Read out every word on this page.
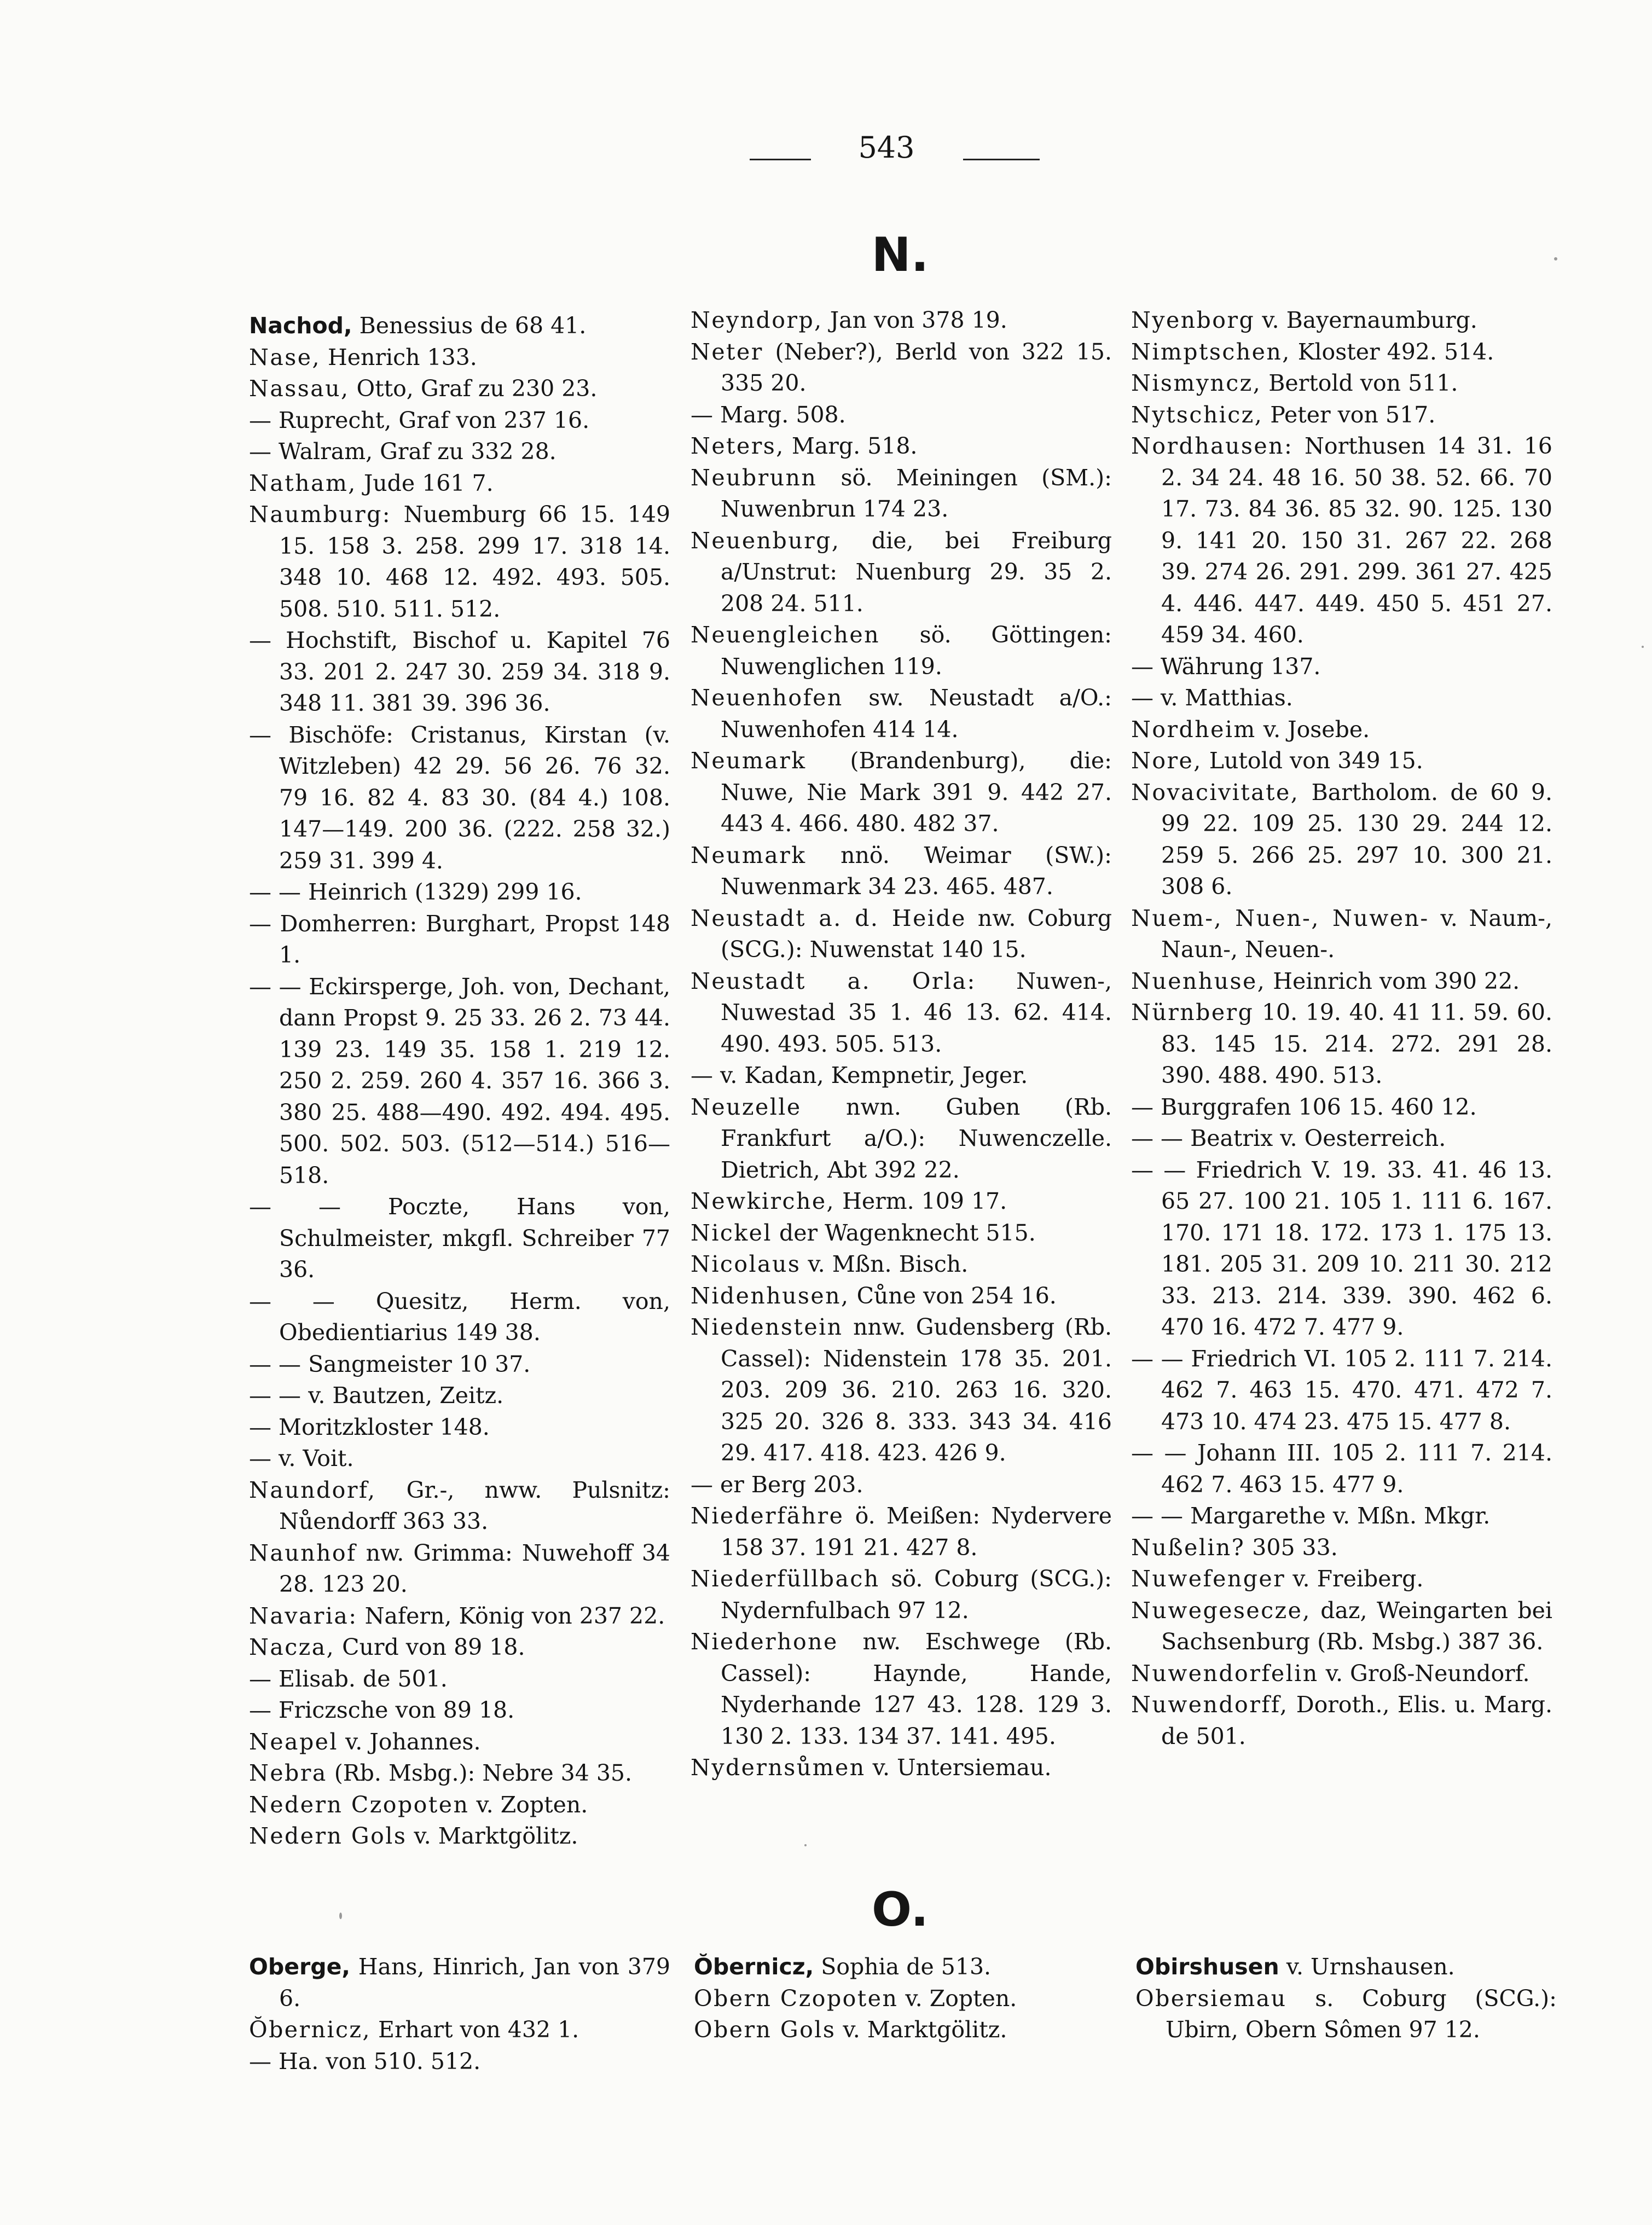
543
N.
Nachod, Benessius de 68 41.
Nase, Henrich 133.
Nassau, Otto, Graf zu 230 23.
— Ruprecht, Graf von 237 16.
— Walram, Graf zu 332 28.
Natham, Jude 161 7.
Naumburg: Nuemburg 66 15. 149 15. 158 3. 258. 299 17. 318 14. 348 10. 468 12. 492. 493. 505. 508. 510. 511. 512.
— Hochstift, Bischof u. Kapitel 76 33. 201 2. 247 30. 259 34. 318 9. 348 11. 381 39. 396 36.
— Bischöfe: Cristanus, Kirstan (v. Witzleben) 42 29. 56 26. 76 32. 79 16. 82 4. 83 30. (84 4.) 108. 147—149. 200 36. (222. 258 32.) 259 31. 399 4.
— — Heinrich (1329) 299 16.
— Domherren: Burghart, Propst 148 1.
— — Eckirsperge, Joh. von, Dechant, dann Propst 9. 25 33. 26 2. 73 44. 139 23. 149 35. 158 1. 219 12. 250 2. 259. 260 4. 357 16. 366 3. 380 25. 488—490. 492. 494. 495. 500. 502. 503. (512—514.) 516—518.
— — Poczte, Hans von, Schulmeister, mkgfl. Schreiber 77 36.
— — Quesitz, Herm. von, Obedientiarius 149 38.
— — Sangmeister 10 37.
— — v. Bautzen, Zeitz.
— Moritzkloster 148.
— v. Voit.
Naundorf, Gr.-, nww. Pulsnitz: Nůendorff 363 33.
Naunhof nw. Grimma: Nuwehoff 34 28. 123 20.
Navaria: Nafern, König von 237 22.
Nacza, Curd von 89 18.
— Elisab. de 501.
— Friczsche von 89 18.
Neapel v. Johannes.
Nebra (Rb. Msbg.): Nebre 34 35.
Nedern Czopoten v. Zopten.
Nedern Gols v. Marktgölitz.
Neyndorp, Jan von 378 19.
Neter (Neber?), Berld von 322 15. 335 20.
— Marg. 508.
Neters, Marg. 518.
Neubrunn sö. Meiningen (SM.): Nuwenbrun 174 23.
Neuenburg, die, bei Freiburg a/Unstrut: Nuenburg 29. 35 2. 208 24. 511.
Neuengleichen sö. Göttingen: Nuwenglichen 119.
Neuenhofen sw. Neustadt a/O.: Nuwenhofen 414 14.
Neumark (Brandenburg), die: Nuwe, Nie Mark 391 9. 442 27. 443 4. 466. 480. 482 37.
Neumark nnö. Weimar (SW.): Nuwenmark 34 23. 465. 487.
Neustadt a. d. Heide nw. Coburg (SCG.): Nuwenstat 140 15.
Neustadt a. Orla: Nuwen-, Nuwestad 35 1. 46 13. 62. 414. 490. 493. 505. 513.
— v. Kadan, Kempnetir, Jeger.
Neuzelle nwn. Guben (Rb. Frankfurt a/O.): Nuwenczelle. Dietrich, Abt 392 22.
Newkirche, Herm. 109 17.
Nickel der Wagenknecht 515.
Nicolaus v. Mßn. Bisch.
Nidenhusen, Cůne von 254 16.
Niedenstein nnw. Gudensberg (Rb. Cassel): Nidenstein 178 35. 201. 203. 209 36. 210. 263 16. 320. 325 20. 326 8. 333. 343 34. 416 29. 417. 418. 423. 426 9.
— er Berg 203.
Niederfähre ö. Meißen: Nydervere 158 37. 191 21. 427 8.
Niederfüllbach sö. Coburg (SCG.): Nydernfulbach 97 12.
Niederhone nw. Eschwege (Rb. Cassel): Haynde, Hande, Nyderhande 127 43. 128. 129 3. 130 2. 133. 134 37. 141. 495.
Nydernsůmen v. Untersiemau.
Nyenborg v. Bayernaumburg.
Nimptschen, Kloster 492. 514.
Nismyncz, Bertold von 511.
Nytschicz, Peter von 517.
Nordhausen: Northusen 14 31. 16 2. 34 24. 48 16. 50 38. 52. 66. 70 17. 73. 84 36. 85 32. 90. 125. 130 9. 141 20. 150 31. 267 22. 268 39. 274 26. 291. 299. 361 27. 425 4. 446. 447. 449. 450 5. 451 27. 459 34. 460.
— Währung 137.
— v. Matthias.
Nordheim v. Josebe.
Nore, Lutold von 349 15.
Novacivitate, Bartholom. de 60 9. 99 22. 109 25. 130 29. 244 12. 259 5. 266 25. 297 10. 300 21. 308 6.
Nuem-, Nuen-, Nuwen- v. Naum-, Naun-, Neuen-.
Nuenhuse, Heinrich vom 390 22.
Nürnberg 10. 19. 40. 41 11. 59. 60. 83. 145 15. 214. 272. 291 28. 390. 488. 490. 513.
— Burggrafen 106 15. 460 12.
— — Beatrix v. Oesterreich.
— — Friedrich V. 19. 33. 41. 46 13. 65 27. 100 21. 105 1. 111 6. 167. 170. 171 18. 172. 173 1. 175 13. 181. 205 31. 209 10. 211 30. 212 33. 213. 214. 339. 390. 462 6. 470 16. 472 7. 477 9.
— — Friedrich VI. 105 2. 111 7. 214. 462 7. 463 15. 470. 471. 472 7. 473 10. 474 23. 475 15. 477 8.
— — Johann III. 105 2. 111 7. 214. 462 7. 463 15. 477 9.
— — Margarethe v. Mßn. Mkgr.
Nußelin? 305 33.
Nuwefenger v. Freiberg.
Nuwegesecze, daz, Weingarten bei Sachsenburg (Rb. Msbg.) 387 36.
Nuwendorfelin v. Groß-Neundorf.
Nuwendorff, Doroth., Elis. u. Marg. de 501.
O.
Oberge, Hans, Hinrich, Jan von 379 6.
Ŏbernicz, Erhart von 432 1.
— Ha. von 510. 512.
Ŏbernicz, Sophia de 513.
Obern Czopoten v. Zopten.
Obern Gols v. Marktgölitz.
Obirshusen v. Urnshausen.
Obersiemau s. Coburg (SCG.): Ubirn, Obern Sômen 97 12.
